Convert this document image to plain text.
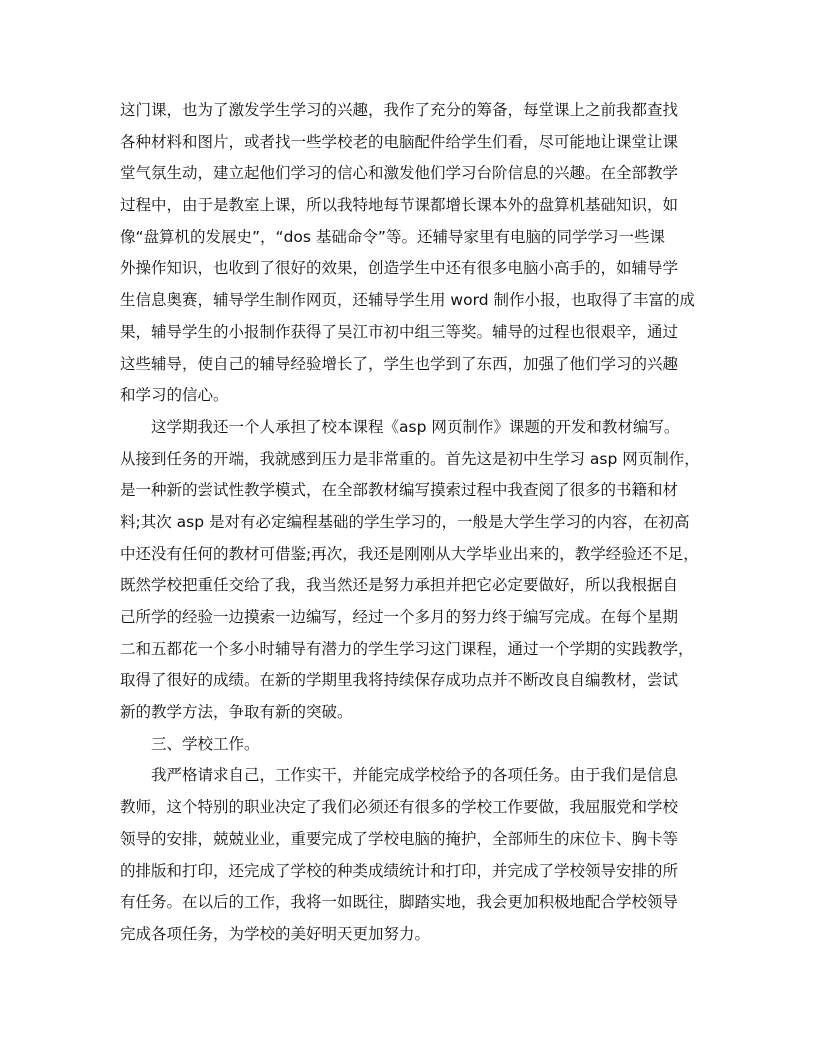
这门课，也为了激发学生学习的兴趣，我作了充分的筹备，每堂课上之前我都查找
各种材料和图片，或者找一些学校老的电脑配件给学生们看，尽可能地让课堂让课
堂气氛生动，建立起他们学习的信心和激发他们学习台阶信息的兴趣。在全部教学
过程中，由于是教室上课，所以我特地每节课都增长课本外的盘算机基础知识，如
像“盘算机的发展史”，“dos 基础命令”等。还辅导家里有电脑的同学学习一些课
外操作知识，也收到了很好的效果，创造学生中还有很多电脑小高手的，如辅导学
生信息奥赛，辅导学生制作网页，还辅导学生用 word 制作小报，也取得了丰富的成
果，辅导学生的小报制作获得了吴江市初中组三等奖。辅导的过程也很艰辛，通过
这些辅导，使自己的辅导经验增长了，学生也学到了东西，加强了他们学习的兴趣
和学习的信心。
这学期我还一个人承担了校本课程《asp 网页制作》课题的开发和教材编写。
从接到任务的开端，我就感到压力是非常重的。首先这是初中生学习 asp 网页制作，
是一种新的尝试性教学模式，在全部教材编写摸索过程中我查阅了很多的书籍和材
料;其次 asp 是对有必定编程基础的学生学习的，一般是大学生学习的内容，在初高
中还没有任何的教材可借鉴;再次，我还是刚刚从大学毕业出来的，教学经验还不足，
既然学校把重任交给了我，我当然还是努力承担并把它必定要做好，所以我根据自
己所学的经验一边摸索一边编写，经过一个多月的努力终于编写完成。在每个星期
二和五都花一个多小时辅导有潜力的学生学习这门课程，通过一个学期的实践教学，
取得了很好的成绩。在新的学期里我将持续保存成功点并不断改良自编教材，尝试
新的教学方法，争取有新的突破。
三、学校工作。
我严格请求自己，工作实干，并能完成学校给予的各项任务。由于我们是信息
教师，这个特别的职业决定了我们必须还有很多的学校工作要做，我屈服党和学校
领导的安排，兢兢业业，重要完成了学校电脑的掩护，全部师生的床位卡、胸卡等
的排版和打印，还完成了学校的种类成绩统计和打印，并完成了学校领导安排的所
有任务。在以后的工作，我将一如既往，脚踏实地，我会更加积极地配合学校领导
完成各项任务，为学校的美好明天更加努力。
